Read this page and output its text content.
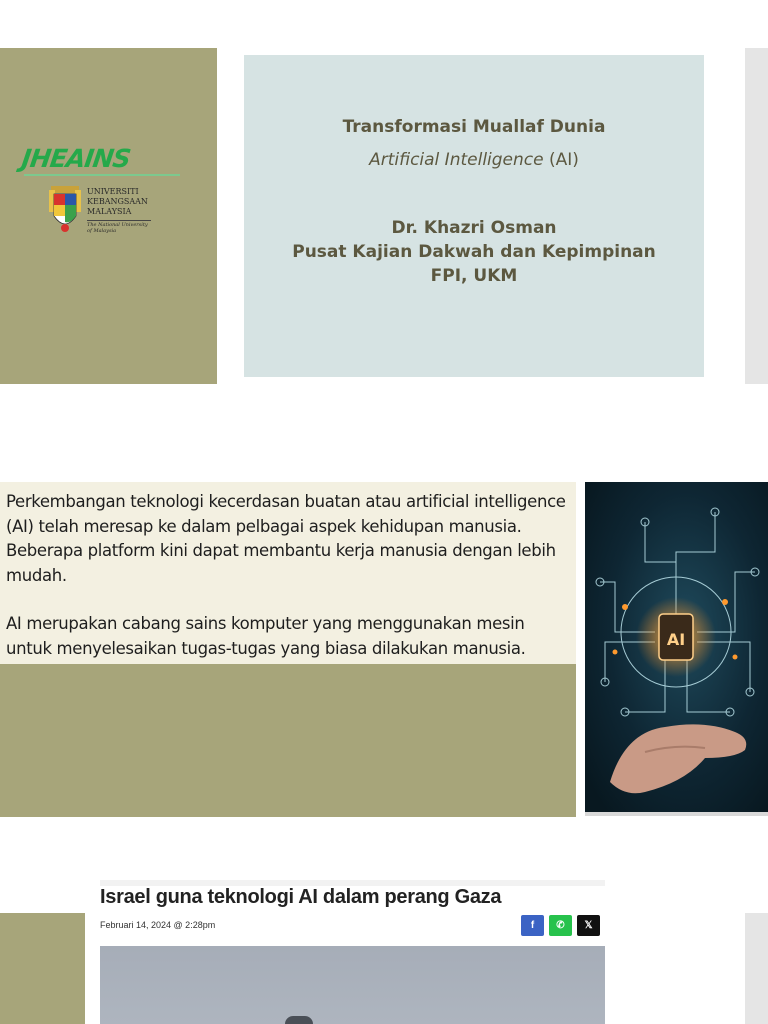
JHEAINS
UNIVERSITI
KEBANGSAAN
MALAYSIA
The National University
of Malaysia
Transformasi Muallaf Dunia
Artificial Intelligence (AI)
Dr. Khazri Osman
Pusat Kajian Dakwah dan Kepimpinan
FPI, UKM

Perkembangan teknologi kecerdasan buatan atau artificial intelligence (AI) telah meresap ke dalam pelbagai aspek kehidupan manusia. Beberapa platform kini dapat membantu kerja manusia dengan lebih mudah.

AI merupakan cabang sains komputer yang menggunakan mesin untuk menyelesaikan tugas-tugas yang biasa dilakukan manusia.	AI
Israel guna teknologi AI dalam perang Gaza
Februari 14, 2024 @ 2:28pm	f ✆ 𝕏
